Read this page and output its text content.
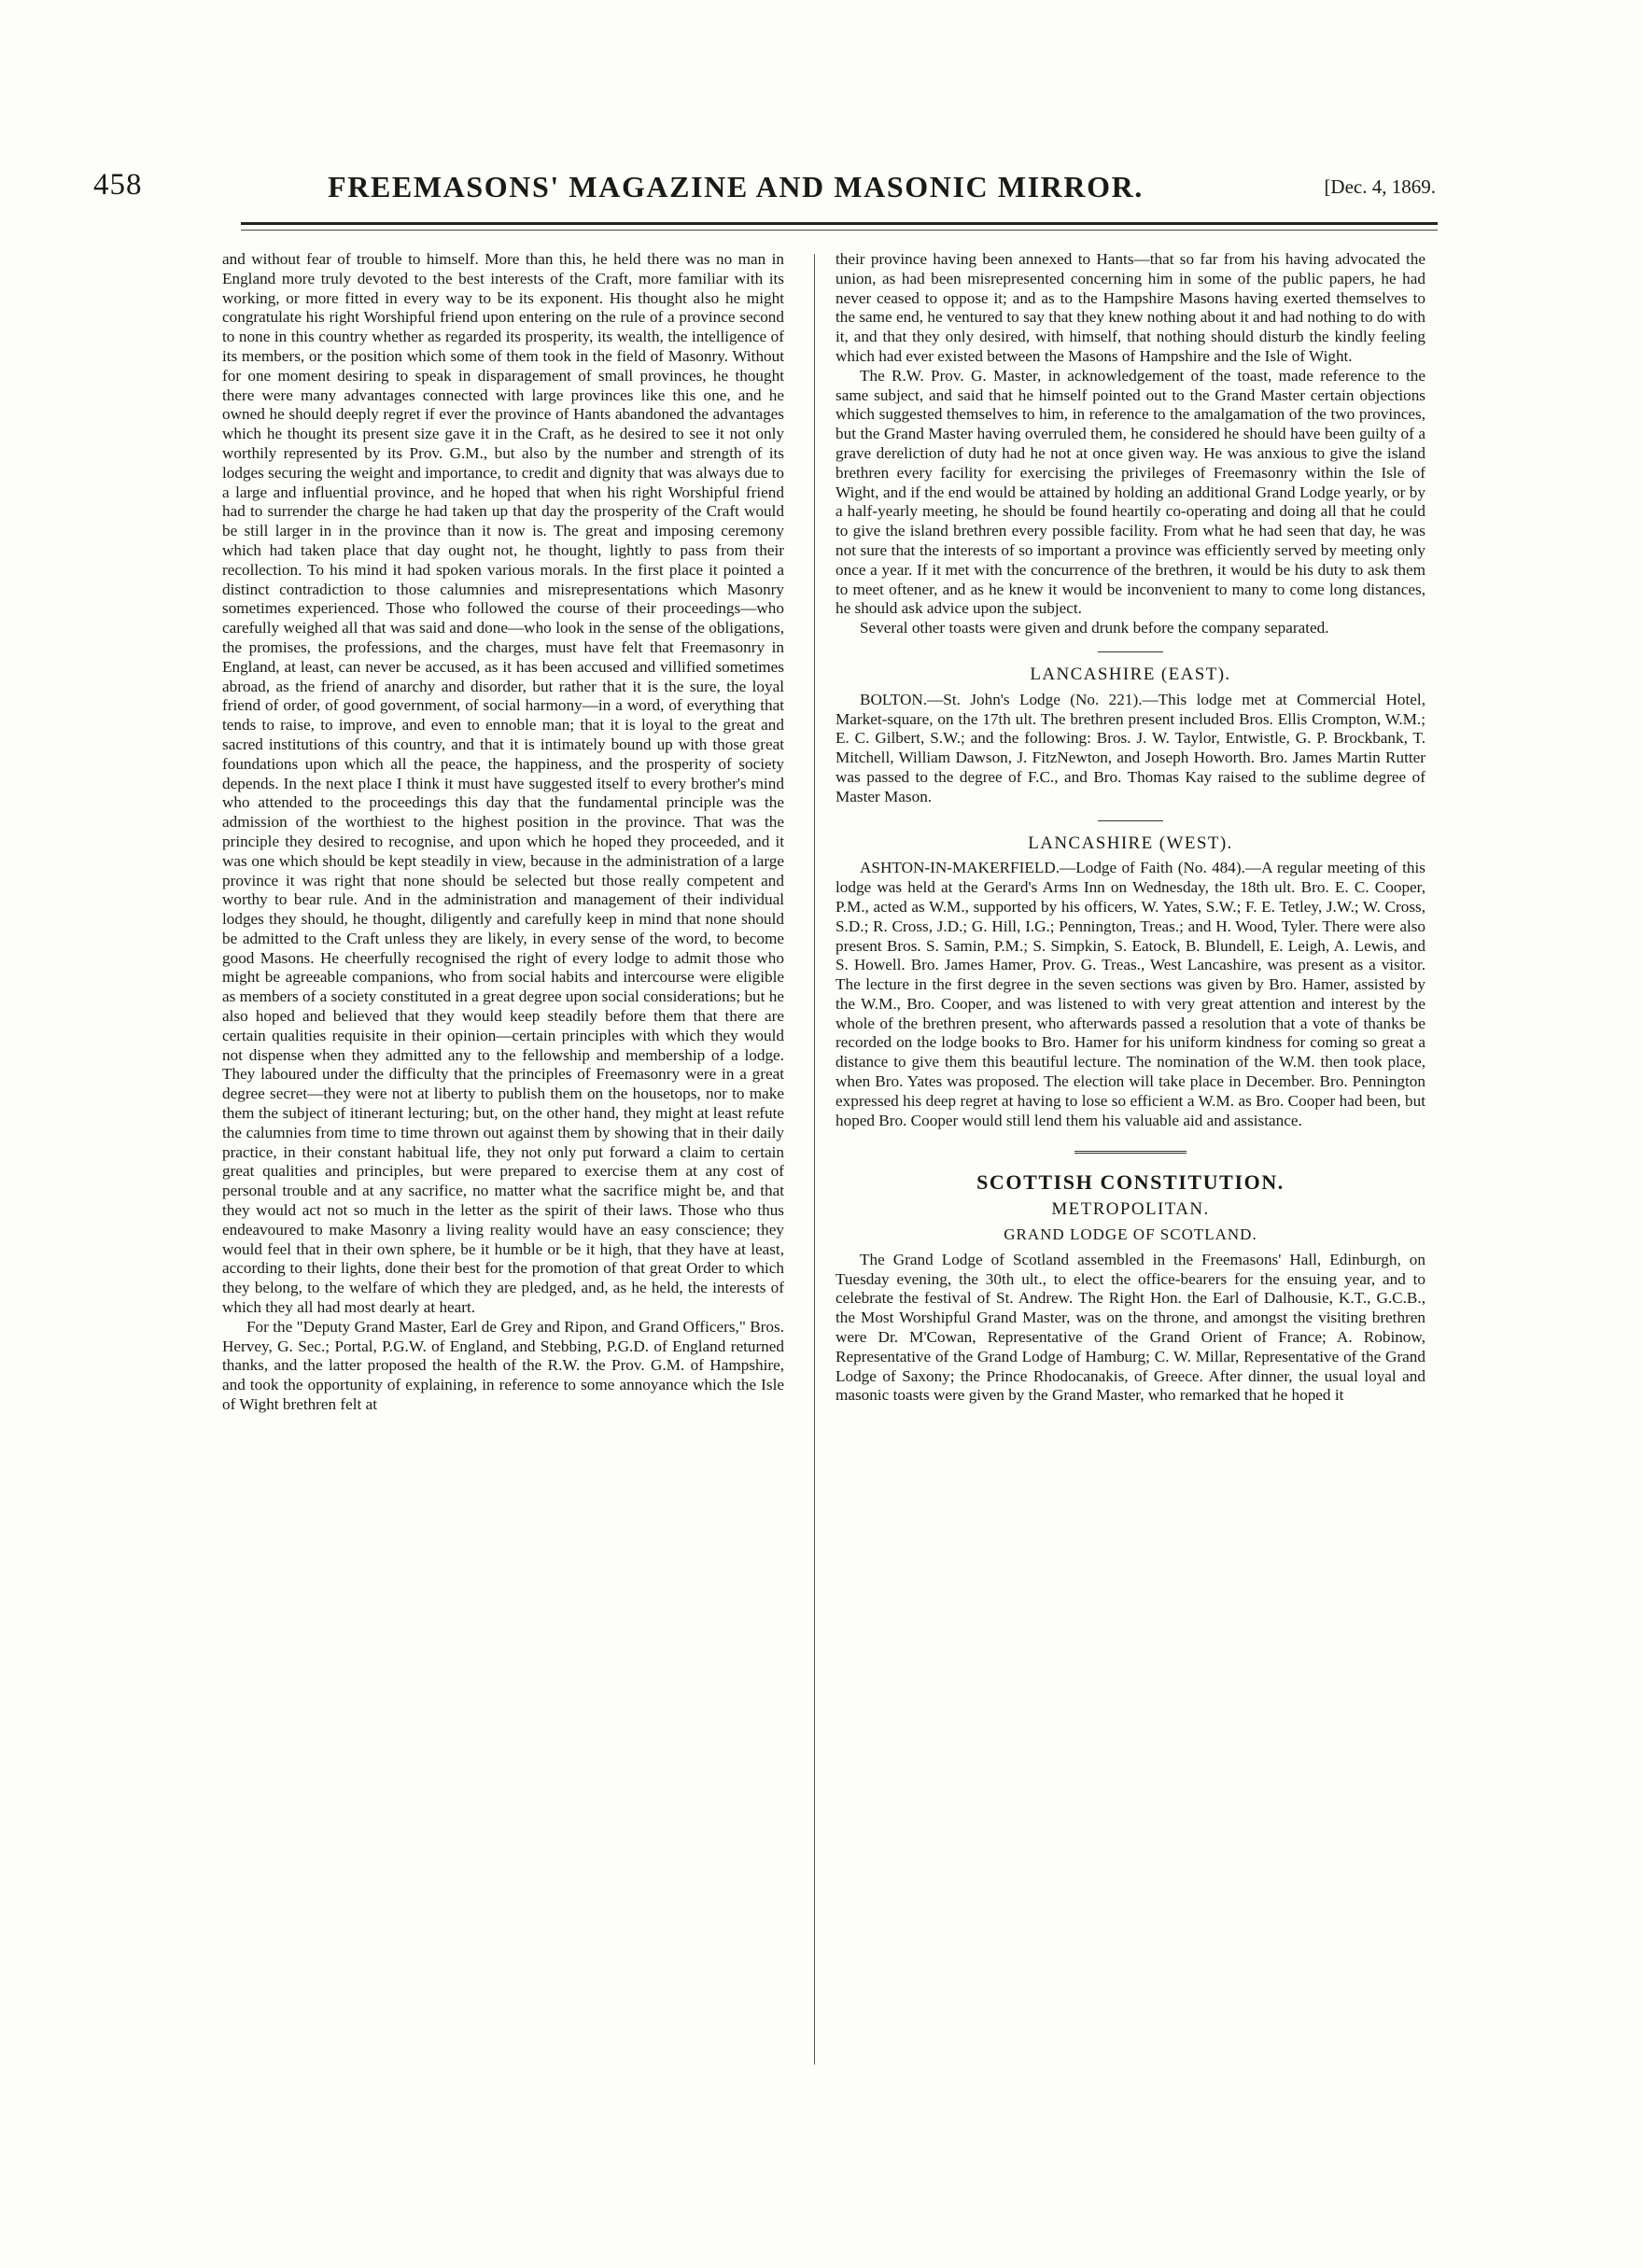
458	FREEMASONS' MAGAZINE AND MASONIC MIRROR.	[Dec. 4, 1869.

and without fear of trouble to himself. More than this, he held there was no man in England more truly devoted to the best interests of the Craft, more familiar with its working, or more fitted in every way to be its exponent. His thought also he might congratulate his right Worshipful friend upon entering on the rule of a province second to none in this country whether as regarded its prosperity, its wealth, the intelligence of its members, or the position which some of them took in the field of Masonry. Without for one moment desiring to speak in disparagement of small provinces, he thought there were many advantages connected with large provinces like this one, and he owned he should deeply regret if ever the province of Hants abandoned the advantages which he thought its present size gave it in the Craft, as he desired to see it not only worthily represented by its Prov. G.M., but also by the number and strength of its lodges securing the weight and importance, to credit and dignity that was always due to a large and influential province, and he hoped that when his right Worshipful friend had to surrender the charge he had taken up that day the prosperity of the Craft would be still larger in in the province than it now is. The great and imposing ceremony which had taken place that day ought not, he thought, lightly to pass from their recollection. To his mind it had spoken various morals. In the first place it pointed a distinct contradiction to those calumnies and misrepresentations which Masonry sometimes experienced. Those who followed the course of their proceedings—who carefully weighed all that was said and done—who look in the sense of the obligations, the promises, the professions, and the charges, must have felt that Freemasonry in England, at least, can never be accused, as it has been accused and villified sometimes abroad, as the friend of anarchy and disorder, but rather that it is the sure, the loyal friend of order, of good government, of social harmony—in a word, of everything that tends to raise, to improve, and even to ennoble man; that it is loyal to the great and sacred institutions of this country, and that it is intimately bound up with those great foundations upon which all the peace, the happiness, and the prosperity of society depends. In the next place I think it must have suggested itself to every brother's mind who attended to the proceedings this day that the fundamental principle was the admission of the worthiest to the highest position in the province. That was the principle they desired to recognise, and upon which he hoped they proceeded, and it was one which should be kept steadily in view, because in the administration of a large province it was right that none should be selected but those really competent and worthy to bear rule. And in the administration and management of their individual lodges they should, he thought, diligently and carefully keep in mind that none should be admitted to the Craft unless they are likely, in every sense of the word, to become good Masons. He cheerfully recognised the right of every lodge to admit those who might be agreeable companions, who from social habits and intercourse were eligible as members of a society constituted in a great degree upon social considerations; but he also hoped and believed that they would keep steadily before them that there are certain qualities requisite in their opinion—certain principles with which they would not dispense when they admitted any to the fellowship and membership of a lodge. They laboured under the difficulty that the principles of Freemasonry were in a great degree secret—they were not at liberty to publish them on the housetops, nor to make them the subject of itinerant lecturing; but, on the other hand, they might at least refute the calumnies from time to time thrown out against them by showing that in their daily practice, in their constant habitual life, they not only put forward a claim to certain great qualities and principles, but were prepared to exercise them at any cost of personal trouble and at any sacrifice, no matter what the sacrifice might be, and that they would act not so much in the letter as the spirit of their laws. Those who thus endeavoured to make Masonry a living reality would have an easy conscience; they would feel that in their own sphere, be it humble or be it high, that they have at least, according to their lights, done their best for the promotion of that great Order to which they belong, to the welfare of which they are pledged, and, as he held, the interests of which they all had most dearly at heart.

For the "Deputy Grand Master, Earl de Grey and Ripon, and Grand Officers," Bros. Hervey, G. Sec.; Portal, P.G.W. of England, and Stebbing, P.G.D. of England returned thanks, and the latter proposed the health of the R.W. the Prov. G.M. of Hampshire, and took the opportunity of explaining, in reference to some annoyance which the Isle of Wight brethren felt at

their province having been annexed to Hants—that so far from his having advocated the union, as had been misrepresented concerning him in some of the public papers, he had never ceased to oppose it; and as to the Hampshire Masons having exerted themselves to the same end, he ventured to say that they knew nothing about it and had nothing to do with it, and that they only desired, with himself, that nothing should disturb the kindly feeling which had ever existed between the Masons of Hampshire and the Isle of Wight.

The R.W. Prov. G. Master, in acknowledgement of the toast, made reference to the same subject, and said that he himself pointed out to the Grand Master certain objections which suggested themselves to him, in reference to the amalgamation of the two provinces, but the Grand Master having overruled them, he considered he should have been guilty of a grave dereliction of duty had he not at once given way. He was anxious to give the island brethren every facility for exercising the privileges of Freemasonry within the Isle of Wight, and if the end would be attained by holding an additional Grand Lodge yearly, or by a half-yearly meeting, he should be found heartily co-operating and doing all that he could to give the island brethren every possible facility. From what he had seen that day, he was not sure that the interests of so important a province was efficiently served by meeting only once a year. If it met with the concurrence of the brethren, it would be his duty to ask them to meet oftener, and as he knew it would be inconvenient to many to come long distances, he should ask advice upon the subject.

Several other toasts were given and drunk before the company separated.

LANCASHIRE (EAST).

BOLTON.—St. John's Lodge (No. 221).—This lodge met at Commercial Hotel, Market-square, on the 17th ult. The brethren present included Bros. Ellis Crompton, W.M.; E. C. Gilbert, S.W.; and the following: Bros. J. W. Taylor, Entwistle, G. P. Brockbank, T. Mitchell, William Dawson, J. FitzNewton, and Joseph Howorth. Bro. James Martin Rutter was passed to the degree of F.C., and Bro. Thomas Kay raised to the sublime degree of Master Mason.

LANCASHIRE (WEST).

ASHTON-IN-MAKERFIELD.—Lodge of Faith (No. 484).—A regular meeting of this lodge was held at the Gerard's Arms Inn on Wednesday, the 18th ult. Bro. E. C. Cooper, P.M., acted as W.M., supported by his officers, W. Yates, S.W.; F. E. Tetley, J.W.; W. Cross, S.D.; R. Cross, J.D.; G. Hill, I.G.; Pennington, Treas.; and H. Wood, Tyler. There were also present Bros. S. Samin, P.M.; S. Simpkin, S. Eatock, B. Blundell, E. Leigh, A. Lewis, and S. Howell. Bro. James Hamer, Prov. G. Treas., West Lancashire, was present as a visitor. The lecture in the first degree in the seven sections was given by Bro. Hamer, assisted by the W.M., Bro. Cooper, and was listened to with very great attention and interest by the whole of the brethren present, who afterwards passed a resolution that a vote of thanks be recorded on the lodge books to Bro. Hamer for his uniform kindness for coming so great a distance to give them this beautiful lecture. The nomination of the W.M. then took place, when Bro. Yates was proposed. The election will take place in December. Bro. Pennington expressed his deep regret at having to lose so efficient a W.M. as Bro. Cooper had been, but hoped Bro. Cooper would still lend them his valuable aid and assistance.

SCOTTISH CONSTITUTION.
METROPOLITAN.
GRAND LODGE OF SCOTLAND.

The Grand Lodge of Scotland assembled in the Freemasons' Hall, Edinburgh, on Tuesday evening, the 30th ult., to elect the office-bearers for the ensuing year, and to celebrate the festival of St. Andrew. The Right Hon. the Earl of Dalhousie, K.T., G.C.B., the Most Worshipful Grand Master, was on the throne, and amongst the visiting brethren were Dr. M'Cowan, Representative of the Grand Orient of France; A. Robinow, Representative of the Grand Lodge of Hamburg; C. W. Millar, Representative of the Grand Lodge of Saxony; the Prince Rhodocanakis, of Greece. After dinner, the usual loyal and masonic toasts were given by the Grand Master, who remarked that he hoped it
